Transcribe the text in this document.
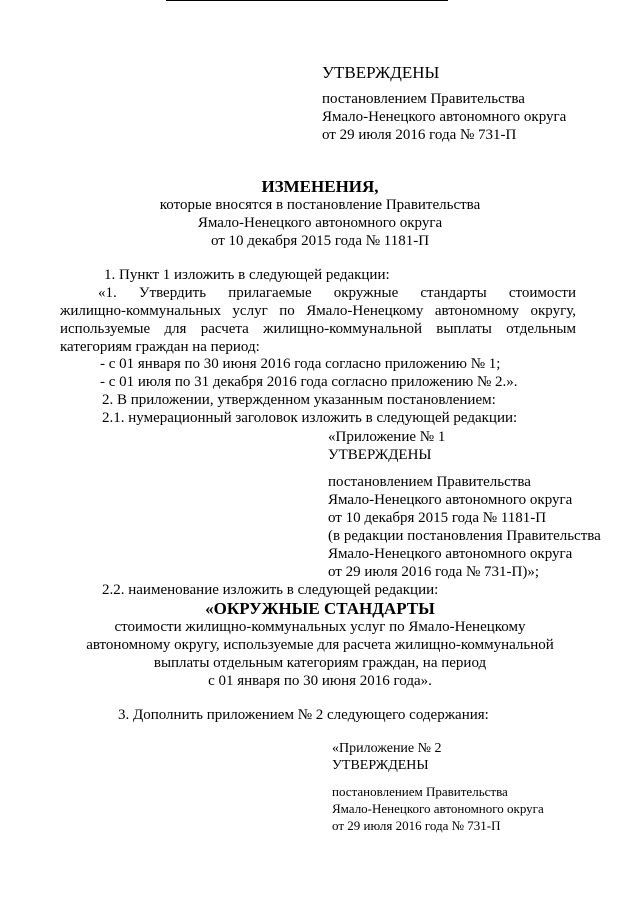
УТВЕРЖДЕНЫ
постановлением Правительства
Ямало-Ненецкого автономного округа
от 29 июля 2016 года № 731-П
ИЗМЕНЕНИЯ,
которые вносятся в постановление Правительства
Ямало-Ненецкого автономного округа
от 10 декабря 2015 года № 1181-П
1. Пункт 1 изложить в следующей редакции:
«1. Утвердить прилагаемые окружные стандарты стоимости
жилищно-коммунальных услуг по Ямало-Ненецкому автономному округу,
используемые для расчета жилищно-коммунальной выплаты отдельным
категориям граждан на период:
- с 01 января по 30 июня 2016 года согласно приложению № 1;
- с 01 июля по 31 декабря 2016 года согласно приложению № 2.».
2. В приложении, утвержденном указанным постановлением:
2.1. нумерационный заголовок изложить в следующей редакции:
«Приложение № 1
УТВЕРЖДЕНЫ
постановлением Правительства
Ямало-Ненецкого автономного округа
от 10 декабря 2015 года № 1181-П
(в редакции постановления Правительства
Ямало-Ненецкого автономного округа
от 29 июля 2016 года № 731-П)»;
2.2. наименование изложить в следующей редакции:
«ОКРУЖНЫЕ СТАНДАРТЫ
стоимости жилищно-коммунальных услуг по Ямало-Ненецкому
автономному округу, используемые для расчета жилищно-коммунальной
выплаты отдельным категориям граждан, на период
с 01 января по 30 июня 2016 года».
3. Дополнить приложением № 2 следующего содержания:
«Приложение № 2
УТВЕРЖДЕНЫ
постановлением Правительства
Ямало-Ненецкого автономного округа
от 29 июля 2016 года № 731-П
